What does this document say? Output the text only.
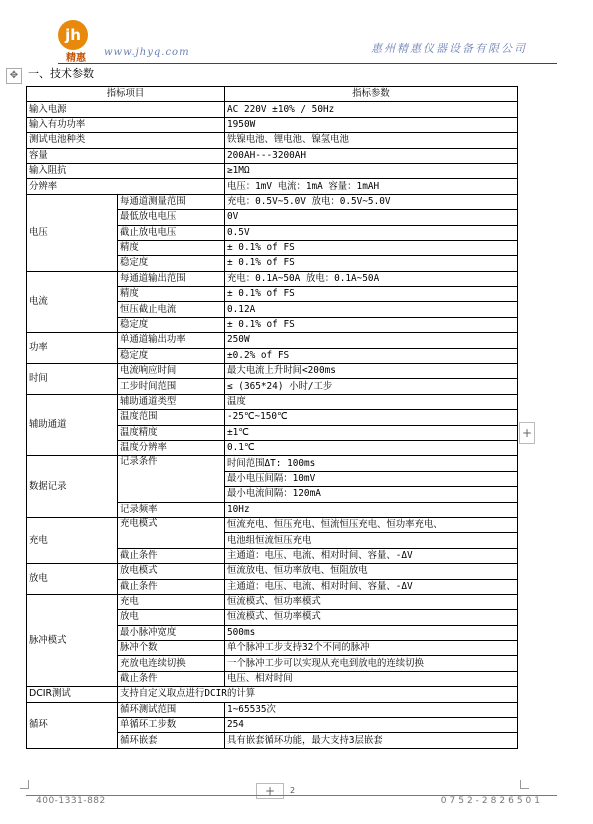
jh
精惠
www.jhyq.com	惠州精惠仪器设备有限公司
✥ 一、技术参数
指标项目		指标参数
输入电源		AC 220V ±10% / 50Hz
输入有功功率		1950W
测试电池种类		铁镍电池、锂电池、镍氢电池
容量		200AH---3200AH
输入阻抗		≥1MΩ
分辨率		电压：1mV 电流：1mA 容量：1mAH
电压	每通道测量范围	充电：0.5V~5.0V 放电：0.5V~5.0V
	最低放电电压	0V
	截止放电电压	0.5V
	精度	± 0.1% of FS
	稳定度	± 0.1% of FS
电流	每通道输出范围	充电：0.1A~50A 放电：0.1A~50A
	精度	± 0.1% of FS
	恒压截止电流	0.12A
	稳定度	± 0.1% of FS
功率	单通道输出功率	250W
	稳定度	±0.2% of FS
时间	电流响应时间	最大电流上升时间<200ms
	工步时间范围	≤ (365*24) 小时/工步
辅助通道	辅助通道类型	温度
	温度范围	-25℃~150℃
	温度精度	±1℃
	温度分辨率	0.1℃
数据记录	记录条件	时间范围ΔT: 100ms
		最小电压间隔：10mV
		最小电流间隔：120mA
	记录频率	10Hz
充电	充电模式	恒流充电、恒压充电、恒流恒压充电、恒功率充电、
		电池组恒流恒压充电
	截止条件	主通道：电压、电流、相对时间、容量、-ΔV
放电	放电模式	恒流放电、恒功率放电、恒阻放电
	截止条件	主通道：电压、电流、相对时间、容量、-ΔV
脉冲模式	充电	恒流模式、恒功率模式
	放电	恒流模式、恒功率模式
	最小脉冲宽度	500ms
	脉冲个数	单个脉冲工步支持32个不同的脉冲
	充放电连续切换	一个脉冲工步可以实现从充电到放电的连续切换
	截止条件	电压、相对时间
DCIR测试	支持自定义取点进行DCIR的计算	
循环	循环测试范围	1~65535次
	单循环工步数	254
	循环嵌套	具有嵌套循环功能，最大支持3层嵌套
+
+	2
400-1331-882	0752-2826501
